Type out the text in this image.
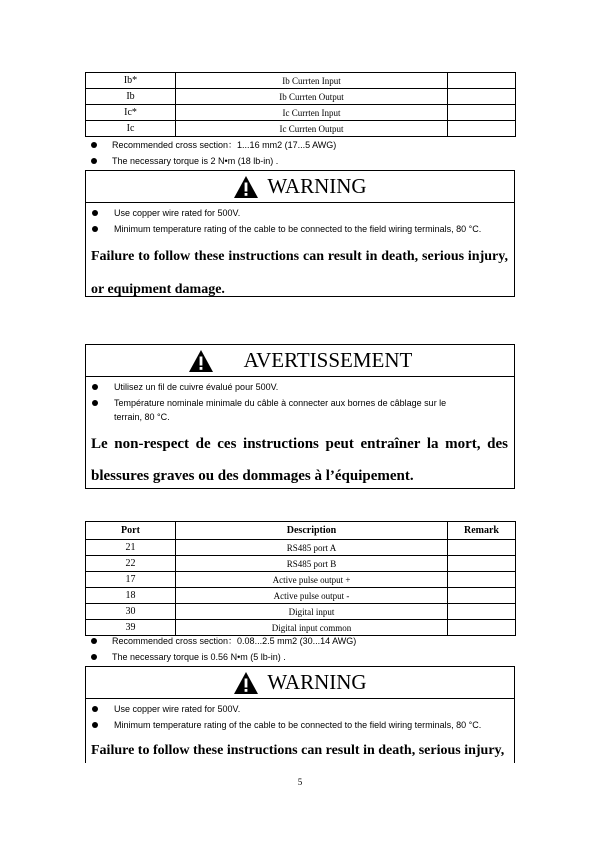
Ib*	Ib Currten Input	
Ib	Ib Currten Output	
Ic*	Ic Currten Input	
Ic	Ic Currten Output	
Recommended cross section：1...16 mm2 (17...5 AWG)
The necessary torque is 2 N•m (18 lb-in) .
WARNING
Use copper wire rated for 500V.
Minimum temperature rating of the cable to be connected to the field wiring terminals, 80 °C.
Failure to follow these instructions can result in death, serious injury, or equipment damage.
AVERTISSEMENT
Utilisez un fil de cuivre évalué pour 500V.
Température nominale minimale du câble à connecter aux bornes de câblage sur le terrain, 80 °C.
Le non-respect de ces instructions peut entraîner la mort, des blessures graves ou des dommages à l’équipement.
Port	Description	Remark
21	RS485 port A	
22	RS485 port B	
17	Active pulse output +	
18	Active pulse output -	
30	Digital input	
39	Digital input common	
Recommended cross section：0.08...2.5 mm2 (30...14 AWG)
The necessary torque is 0.56 N•m (5 lb-in) .
WARNING
Use copper wire rated for 500V.
Minimum temperature rating of the cable to be connected to the field wiring terminals, 80 °C.
Failure to follow these instructions can result in death, serious injury,
5
